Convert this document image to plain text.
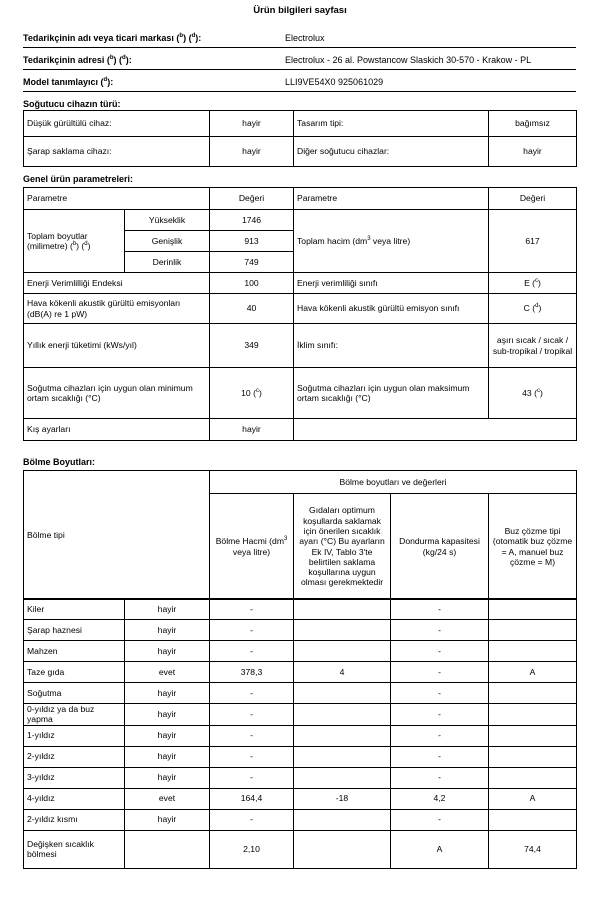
Ürün bilgileri sayfası
Tedarikçinin adı veya ticari markası ($^b$) ($^d$):	Electrolux
Tedarikçinin adresi ($^b$) ($^d$):	Electrolux - 26 al. Powstancow Slaskich 30-570 - Krakow - PL
Model tanımlayıcı ($^d$):	LLI9VE54X0 925061029
Soğutucu cihazın türü:
Düşük gürültülü cihaz:	hayir	Tasarım tipi:	bağımsız
Şarap saklama cihazı:	hayir	Diğer soğutucu cihazlar:	hayir
Genel ürün parametreleri:
Parametre		Değeri	Parametre	Değeri
Toplam boyutlar (milimetre) ($^b$) ($^d$)	Yükseklik	1746	Toplam hacim ($dm^3$ veya litre)	617
	Genişlik	913		
	Derinlik	749		
Enerji Verimlilliği Endeksi		100	Enerji verimliliği sınıfı	E ($^c$)
Hava kökenli akustik gürültü emisyonları (dB(A) re 1 pW)		40	Hava kökenli akustik gürültü emisyon sınıfı	C ($^d$)
Yıllık enerji tüketimi (kWs/yıl)		349	İklim sınıfı:	aşırı sıcak / sıcak / sub-tropikal / tropikal
Soğutma cihazları için uygun olan minimum ortam sıcaklığı (°C)		10 ($^c$)	Soğutma cihazları için uygun olan maksimum ortam sıcaklığı (°C)	43 ($^c$)
Kış ayarları		hayir		
Bölme Boyutları:
Bölme tipi	Bölme boyutları ve değerleri			
	Bölme Hacmi ($dm^3$ veya litre)	Gıdaları optimum koşullarda saklamak için önerilen sıcaklık ayarı (°C) Bu ayarların Ek IV, Tablo 3'te belirtilen saklama koşullarına uygun olması gerekmektedir	Dondurma kapasitesi (kg/24 s)	Buz çözme tipi (otomatik buz çözme = A, manuel buz çözme = M)
Kiler	hayir	-		-	
Şarap haznesi	hayir	-		-	
Mahzen	hayir	-		-	
Taze gıda	evet	378,3	4	-	A
Soğutma	hayir	-		-	
0-yıldız ya da buz yapma	hayir	-		-	
1-yıldız	hayir	-		-	
2-yıldız	hayir	-		-	
3-yıldız	hayir	-		-	
4-yıldız	evet	164,4	-18	4,2	A
2-yıldız kısmı	hayir	-		-	
Değişken sıcaklık bölmesi		2,10		A	74,4
